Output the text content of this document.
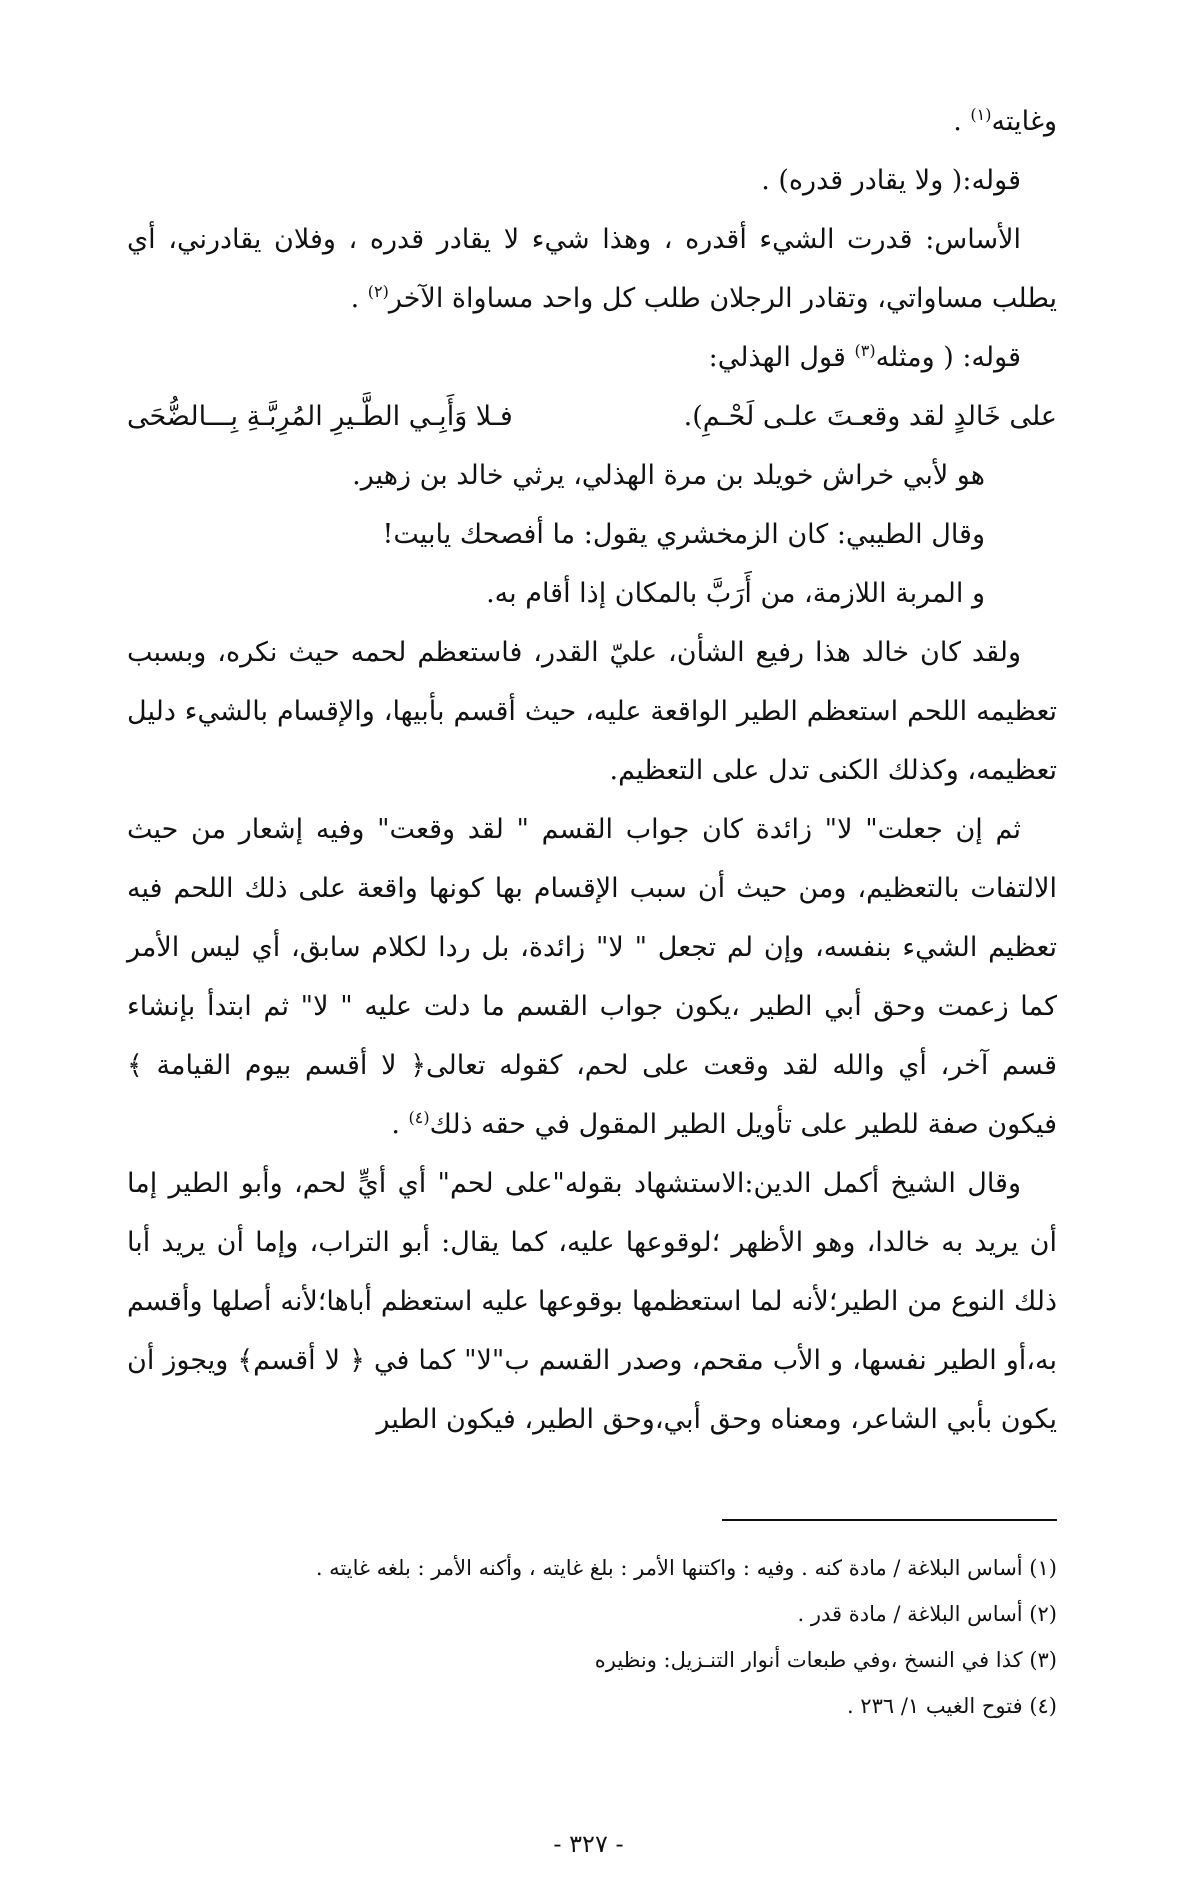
وغايته$^{(١)}$ .

قوله:( ولا يقادر قدره) .

الأساس: قدرت الشيء أقدره ، وهذا شيء لا يقادر قدره ، وفلان يقادرني، أي يطلب مساواتي، وتقادر الرجلان طلب كل واحد مساواة الآخر$^{(٢)}$ .

قوله: ( ومثله$^{(٣)}$ قول الهذلي:

على خَالدٍ لقد وقعـتَ علـى لَحْـمِ).
فـلا وَأَبِـي الطَّـيرِ المُرِبَّـةِ بِـــالضُّحَى

هو لأبي خراش خويلد بن مرة الهذلي، يرثي خالد بن زهير.

وقال الطيبي: كان الزمخشري يقول: ما أفصحك يابيت!

و المربة اللازمة، من أَرَبَّ بالمكان إذا أقام به.

ولقد كان خالد هذا رفيع الشأن، عليّ القدر، فاستعظم لحمه حيث نكره، وبسبب تعظيمه اللحم استعظم الطير الواقعة عليه، حيث أقسم بأبيها، والإقسام بالشيء دليل تعظيمه، وكذلك الكنى تدل على التعظيم.

ثم إن جعلت" لا" زائدة كان جواب القسم " لقد وقعت" وفيه إشعار من حيث الالتفات بالتعظيم، ومن حيث أن سبب الإقسام بها كونها واقعة على ذلك اللحم فيه تعظيم الشيء بنفسه، وإن لم تجعل " لا" زائدة، بل ردا لكلام سابق، أي ليس الأمر كما زعمت وحق أبي الطير ،يكون جواب القسم ما دلت عليه " لا" ثم ابتدأ بإنشاء قسم آخر، أي والله لقد وقعت على لحم، كقوله تعالى﴿ لا أقسم بيوم القيامة ﴾ فيكون صفة للطير على تأويل الطير المقول في حقه ذلك$^{(٤)}$ .

وقال الشيخ أكمل الدين:الاستشهاد بقوله"على لحم" أي أيٍّ لحم، وأبو الطير إما أن يريد به خالدا، وهو الأظهر ؛لوقوعها عليه، كما يقال: أبو التراب، وإما أن يريد أبا ذلك النوع من الطير؛لأنه لما استعظمها بوقوعها عليه استعظم أباها؛لأنه أصلها وأقسم به،أو الطير نفسها، و الأب مقحم، وصدر القسم ب"لا" كما في ﴿ لا أقسم﴾ ويجوز أن يكون بأبي الشاعر، ومعناه وحق أبي،وحق الطير، فيكون الطير

(١) أساس البلاغة / مادة كنه . وفيه : واكتنها الأمر : بلغ غايته ، وأكنه الأمر : بلغه غايته .
(٢) أساس البلاغة / مادة قدر .
(٣) كذا في النسخ ،وفي طبعات أنوار التنـزيل: ونظيره
(٤) فتوح الغيب ١/ ٢٣٦ .
- ٣٢٧ -
